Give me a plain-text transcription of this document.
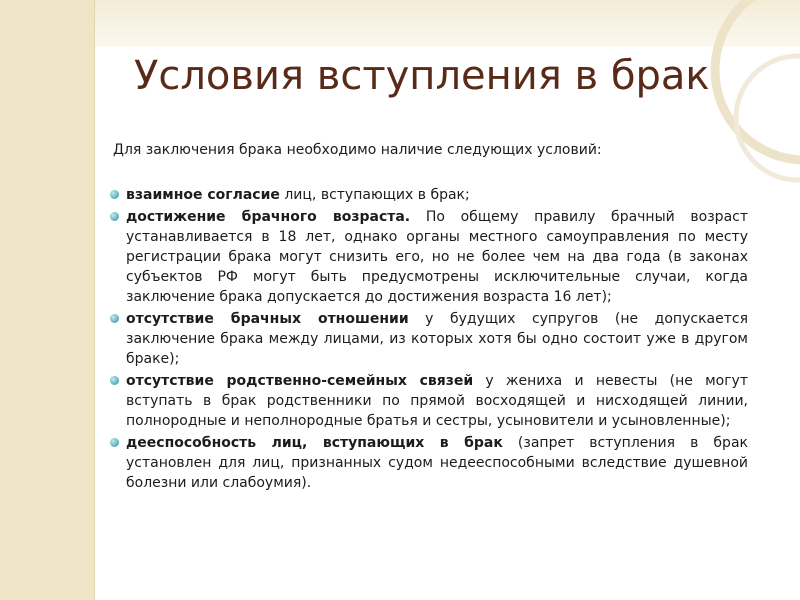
Условия вступления в брак

Для заключения брака необходимо наличие следующих условий:

взаимное согласие лиц, вступающих в брак;
достижение брачного возраста. По общему правилу брачный возраст устанавливается в 18 лет, однако органы местного самоуправления по месту регистрации брака могут снизить его, но не более чем на два года (в законах субъектов РФ могут быть предусмотрены исключительные случаи, когда заключение брака допускается до достижения возраста 16 лет);
отсутствие брачных отношении у будущих супругов (не допускается заключение брака между лицами, из которых хотя бы одно состоит уже в другом браке);
отсутствие родственно-семейных связей у жениха и невесты (не могут вступать в брак родственники по прямой восходящей и нисходящей линии, полнородные и неполнородные братья и сестры, усыновители и усыновленные);
дееспособность лиц, вступающих в брак (запрет вступления в брак установлен для лиц, признанных судом недееспособными вследствие душевной болезни или слабоумия).
